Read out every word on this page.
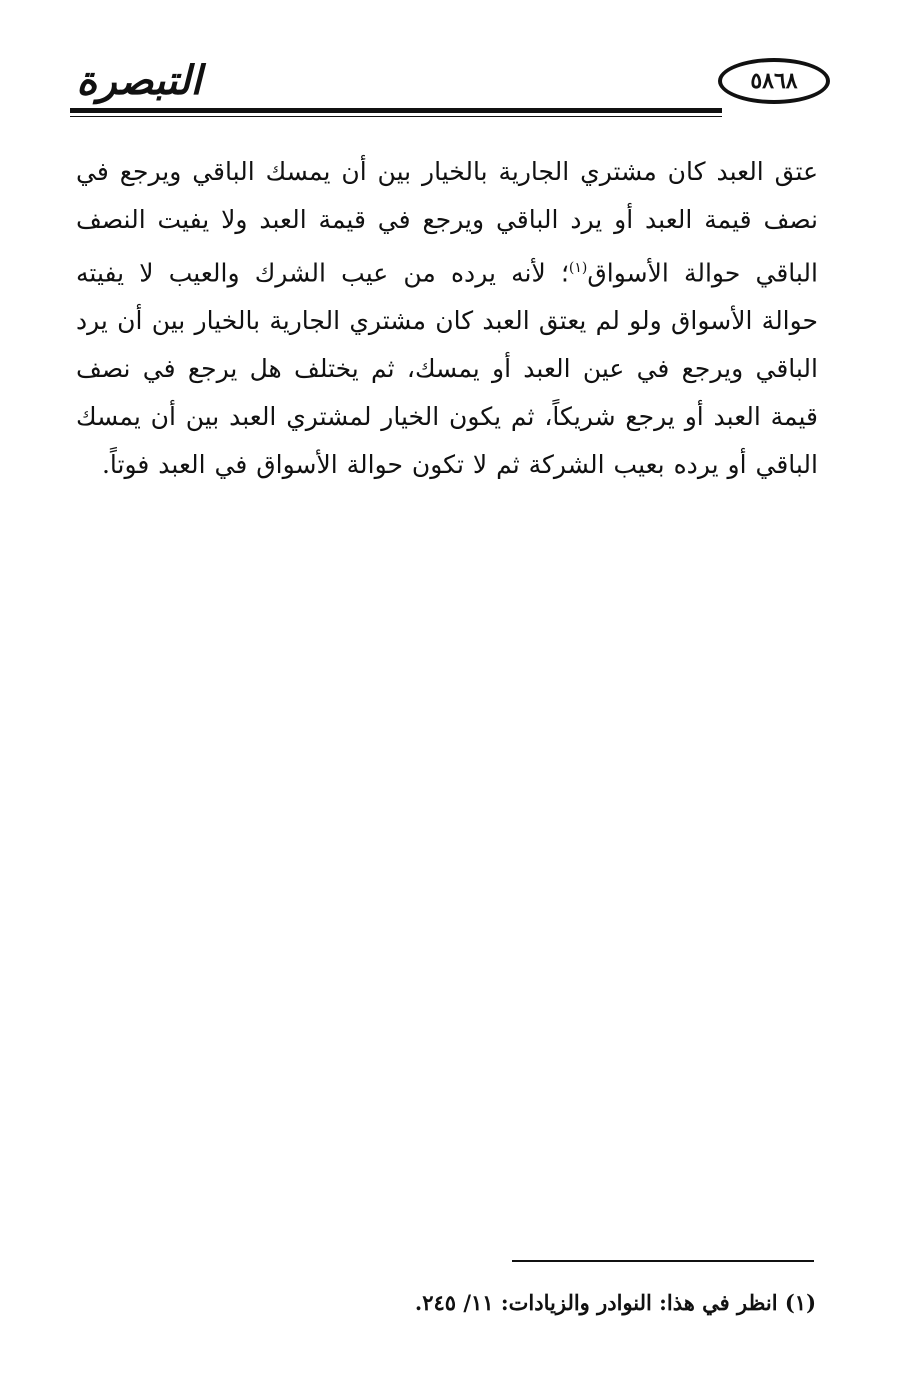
التبصرة	٥٨٦٨

عتق العبد كان مشتري الجارية بالخيار بين أن يمسك الباقي ويرجع في نصف قيمة العبد أو يرد الباقي ويرجع في قيمة العبد ولا يفيت النصف الباقي حوالة الأسواق$^{(١)}$؛ لأنه يرده من عيب الشرك والعيب لا يفيته حوالة الأسواق ولو لم يعتق العبد كان مشتري الجارية بالخيار بين أن يرد الباقي ويرجع في عين العبد أو يمسك، ثم يختلف هل يرجع في نصف قيمة العبد أو يرجع شريكاً، ثم يكون الخيار لمشتري العبد بين أن يمسك الباقي أو يرده بعيب الشركة ثم لا تكون حوالة الأسواق في العبد فوتاً.

(١) انظر في هذا: النوادر والزيادات: ١١/ ٢٤٥.
